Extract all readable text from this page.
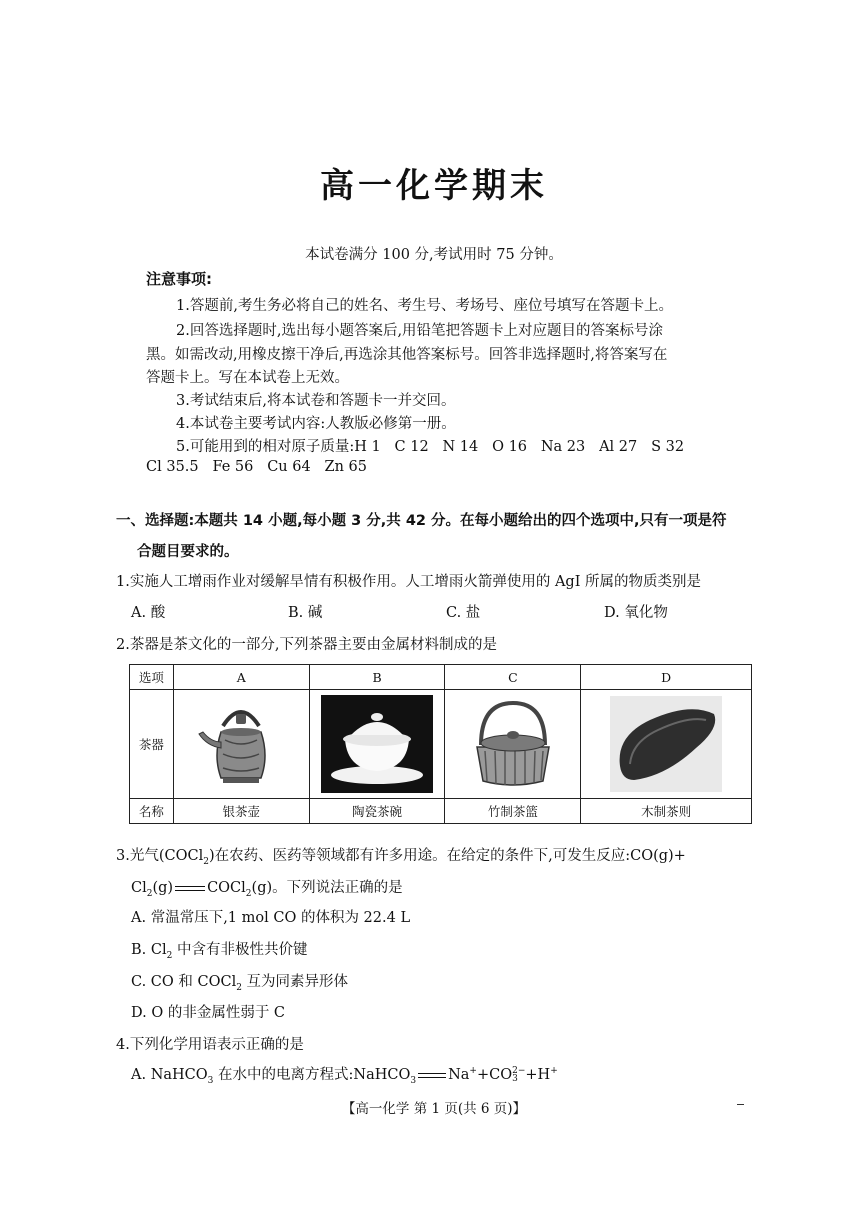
高一化学期末
本试卷满分 100 分,考试用时 75 分钟。
注意事项:
1.答题前,考生务必将自己的姓名、考生号、考场号、座位号填写在答题卡上。
2.回答选择题时,选出每小题答案后,用铅笔把答题卡上对应题目的答案标号涂
黑。如需改动,用橡皮擦干净后,再选涂其他答案标号。回答非选择题时,将答案写在
答题卡上。写在本试卷上无效。
3.考试结束后,将本试卷和答题卡一并交回。
4.本试卷主要考试内容:人教版必修第一册。
5.可能用到的相对原子质量:H 1   C 12   N 14   O 16   Na 23   Al 27   S 32
Cl 35.5   Fe 56   Cu 64   Zn 65
一、选择题:本题共 14 小题,每小题 3 分,共 42 分。在每小题给出的四个选项中,只有一项是符
合题目要求的。
1.实施人工增雨作业对缓解旱情有积极作用。人工增雨火箭弹使用的 AgI 所属的物质类别是
A. 酸	B. 碱	C. 盐	D. 氧化物
2.茶器是茶文化的一部分,下列茶器主要由金属材料制成的是
选项	A	B	C	D
茶器	

名称	银茶壶	陶瓷茶碗	竹制茶篮	木制茶则
3.光气(COCl$_2$)在农药、医药等领域都有许多用途。在给定的条件下,可发生反应:CO(g)+
$Cl_2(g)$ COCl$_2$(g)。下列说法正确的是
A. 常温常压下,1 mol CO 的体积为 22.4 L
B. $Cl_2$ 中含有非极性共价键
C. CO 和 COCl$_2$ 互为同素异形体
D. O 的非金属性弱于 C
4.下列化学用语表示正确的是
A. NaHCO$_3$ 在水中的电离方程式:NaHCO$_3$ Na++CO 2−
3 +H+
【高一化学 第 1 页(共 6 页)】
